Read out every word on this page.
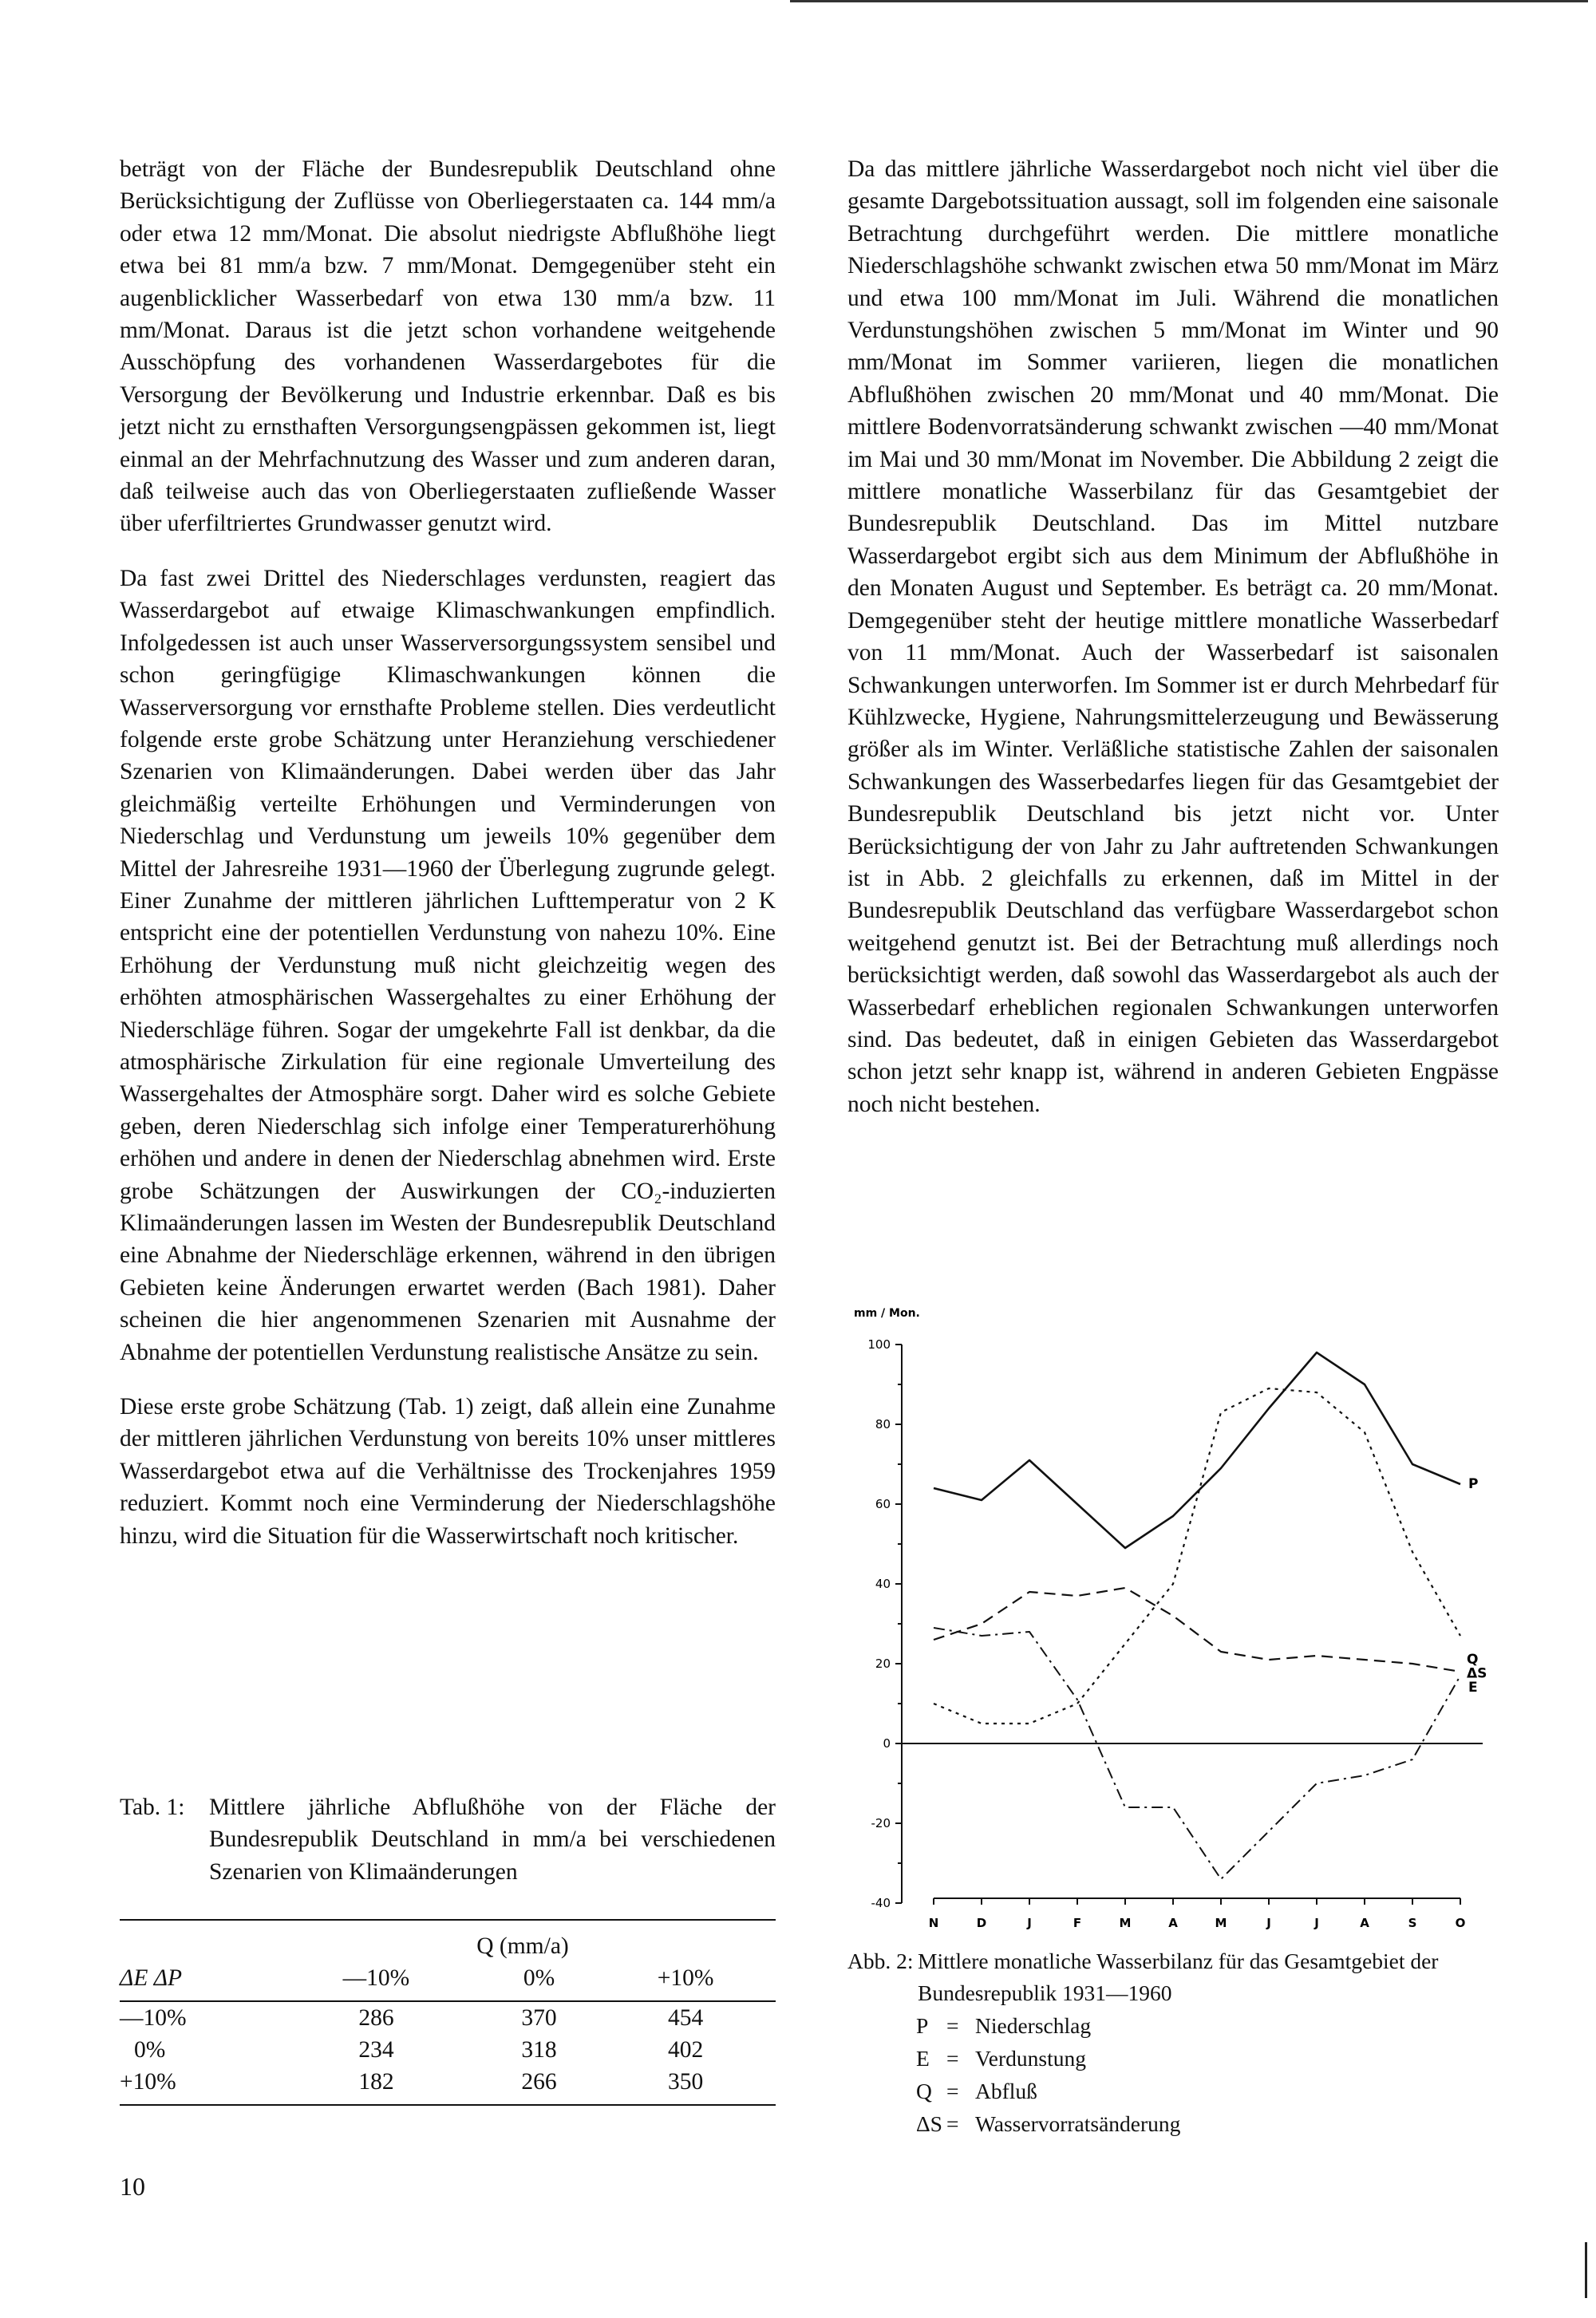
beträgt von der Fläche der Bundesrepublik Deutschland ohne Berücksichtigung der Zuflüsse von Oberliegerstaaten ca. 144 mm/a oder etwa 12 mm/Monat. Die absolut niedrigste Abflußhöhe liegt etwa bei 81 mm/a bzw. 7 mm/Monat. Demgegenüber steht ein augenblicklicher Wasserbedarf von etwa 130 mm/a bzw. 11 mm/Monat. Daraus ist die jetzt schon vorhandene weitgehende Ausschöpfung des vorhandenen Wasserdargebotes für die Versorgung der Bevölkerung und Industrie erkennbar. Daß es bis jetzt nicht zu ernsthaften Versorgungsengpässen gekommen ist, liegt einmal an der Mehrfachnutzung des Wasser und zum anderen daran, daß teilweise auch das von Oberliegerstaaten zufließende Wasser über uferfiltriertes Grundwasser genutzt wird.

Da fast zwei Drittel des Niederschlages verdunsten, reagiert das Wasserdargebot auf etwaige Klimaschwankungen empfindlich. Infolgedessen ist auch unser Wasserversorgungssystem sensibel und schon geringfügige Klimaschwankungen können die Wasserversorgung vor ernsthafte Probleme stellen. Dies verdeutlicht folgende erste grobe Schätzung unter Heranziehung verschiedener Szenarien von Klimaänderungen. Dabei werden über das Jahr gleichmäßig verteilte Erhöhungen und Verminderungen von Niederschlag und Verdunstung um jeweils 10% gegenüber dem Mittel der Jahresreihe 1931—1960 der Überlegung zugrunde gelegt. Einer Zunahme der mittleren jährlichen Lufttemperatur von 2 K entspricht eine der potentiellen Verdunstung von nahezu 10%. Eine Erhöhung der Verdunstung muß nicht gleichzeitig wegen des erhöhten atmosphärischen Wassergehaltes zu einer Erhöhung der Niederschläge führen. Sogar der umgekehrte Fall ist denkbar, da die atmosphärische Zirkulation für eine regionale Umverteilung des Wassergehaltes der Atmosphäre sorgt. Daher wird es solche Gebiete geben, deren Niederschlag sich infolge einer Temperaturerhöhung erhöhen und andere in denen der Niederschlag abnehmen wird. Erste grobe Schätzungen der Auswirkungen der CO₂-induzierten Klimaänderungen lassen im Westen der Bundesrepublik Deutschland eine Abnahme der Niederschläge erkennen, während in den übrigen Gebieten keine Änderungen erwartet werden (Bach 1981). Daher scheinen die hier angenommenen Szenarien mit Ausnahme der Abnahme der potentiellen Verdunstung realistische Ansätze zu sein.

Diese erste grobe Schätzung (Tab. 1) zeigt, daß allein eine Zunahme der mittleren jährlichen Verdunstung von bereits 10% unser mittleres Wasserdargebot etwa auf die Verhältnisse des Trockenjahres 1959 reduziert. Kommt noch eine Verminderung der Niederschlagshöhe hinzu, wird die Situation für die Wasserwirtschaft noch kritischer.

Da das mittlere jährliche Wasserdargebot noch nicht viel über die gesamte Dargebotssituation aussagt, soll im folgenden eine saisonale Betrachtung durchgeführt werden. Die mittlere monatliche Niederschlagshöhe schwankt zwischen etwa 50 mm/Monat im März und etwa 100 mm/Monat im Juli. Während die monatlichen Verdunstungshöhen zwischen 5 mm/Monat im Winter und 90 mm/Monat im Sommer variieren, liegen die monatlichen Abflußhöhen zwischen 20 mm/Monat und 40 mm/Monat. Die mittlere Bodenvorratsänderung schwankt zwischen —40 mm/Monat im Mai und 30 mm/Monat im November. Die Abbildung 2 zeigt die mittlere monatliche Wasserbilanz für das Gesamtgebiet der Bundesrepublik Deutschland. Das im Mittel nutzbare Wasserdargebot ergibt sich aus dem Minimum der Abflußhöhe in den Monaten August und September. Es beträgt ca. 20 mm/Monat. Demgegenüber steht der heutige mittlere monatliche Wasserbedarf von 11 mm/Monat. Auch der Wasserbedarf ist saisonalen Schwankungen unterworfen. Im Sommer ist er durch Mehrbedarf für Kühlzwecke, Hygiene, Nahrungsmittelerzeugung und Bewässerung größer als im Winter. Verläßliche statistische Zahlen der saisonalen Schwankungen des Wasserbedarfes liegen für das Gesamtgebiet der Bundesrepublik Deutschland bis jetzt nicht vor. Unter Berücksichtigung der von Jahr zu Jahr auftretenden Schwankungen ist in Abb. 2 gleichfalls zu erkennen, daß im Mittel in der Bundesrepublik Deutschland das verfügbare Wasserdargebot schon weitgehend genutzt ist. Bei der Betrachtung muß allerdings noch berücksichtigt werden, daß sowohl das Wasserdargebot als auch der Wasserbedarf erheblichen regionalen Schwankungen unterworfen sind. Das bedeutet, daß in einigen Gebieten das Wasserdargebot schon jetzt sehr knapp ist, während in anderen Gebieten Engpässe noch nicht bestehen.

Tab. 1: Mittlere jährliche Abflußhöhe von der Fläche der Bundesrepublik Deutschland in mm/a bei verschiedenen Szenarien von Klimaänderungen

	Q (mm/a)		
ΔE ΔP	—10%	0%	+10%

—10%	286	370	454
0%	234	318	402
+10%	182	266	350

mm / Mon.
100
80
60
40
20
0
-20
-40
N	D	J	F	M	A	M	J	J	A	S	O
P
E
Q
ΔS
Abb. 2: Mittlere monatliche Wasserbilanz für das Gesamtgebiet der Bundesrepublik 1931—1960
P = Niederschlag
E = Verdunstung
Q = Abfluß
ΔS = Wasservorratsänderung
10
